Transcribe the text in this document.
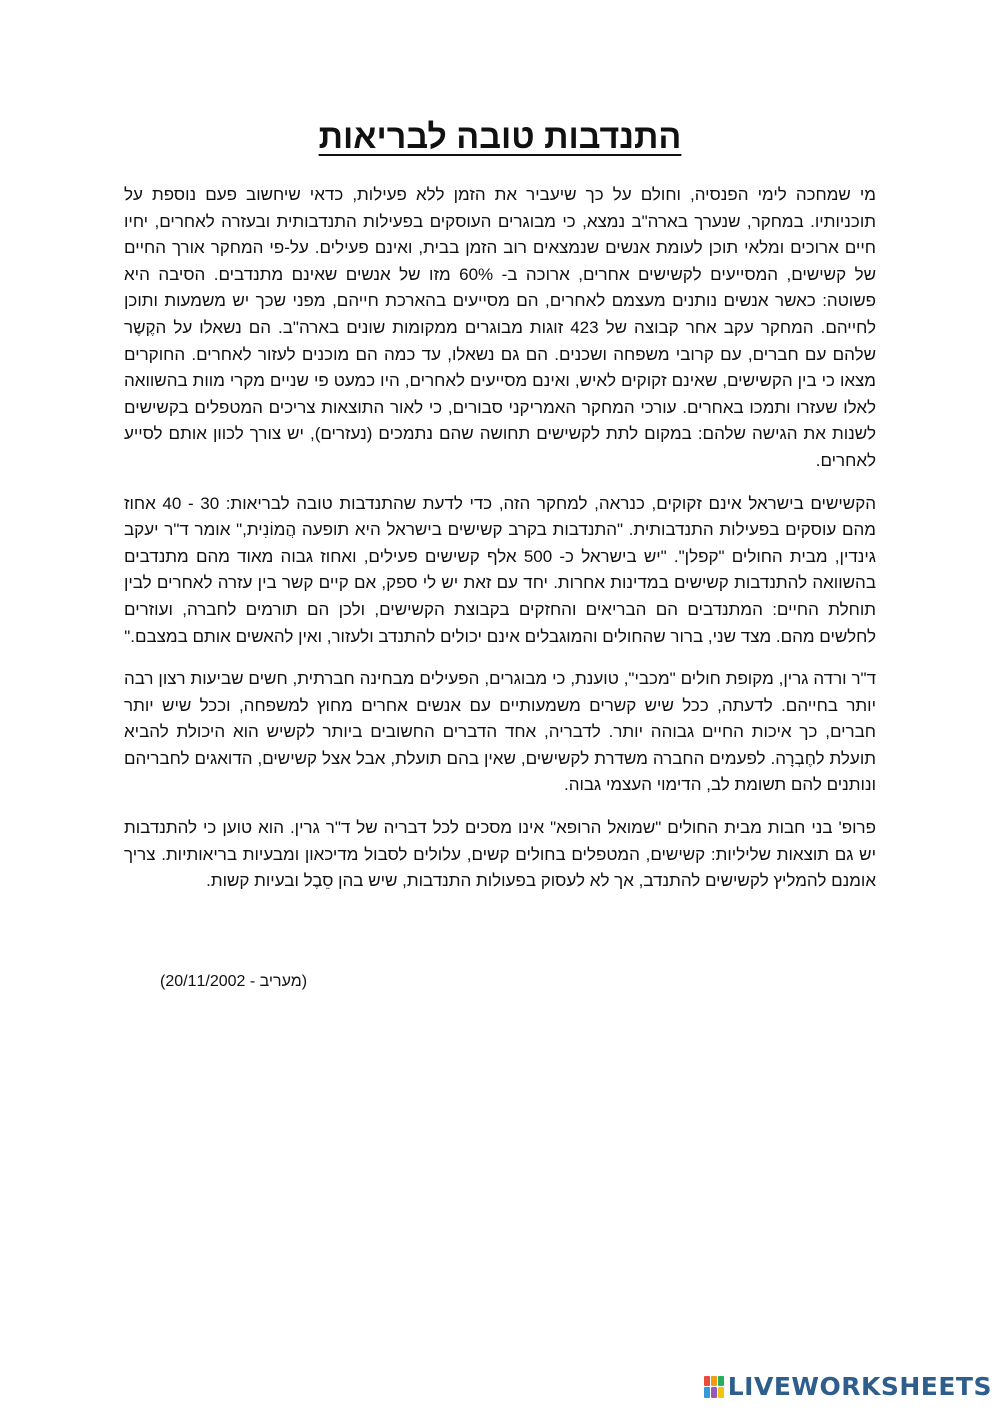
התנדבות טובה לבריאות

מי שמחכה לימי הפנסיה, וחולם על כך שיעביר את הזמן ללא פעילות, כדאי שיחשוב פעם נוספת על תוכניותיו. במחקר, שנערך בארה"ב נמצא, כי מבוגרים העוסקים בפעילות התנדבותית ובעזרה לאחרים, יחיו חיים ארוכים ומלאי תוכן לעומת אנשים שנמצאים רוב הזמן בבית, ואינם פעילים. על-פי המחקר אורך החיים של קשישים, המסייעים לקשישים אחרים, ארוכה ב- 60% מזו של אנשים שאינם מתנדבים. הסיבה היא פשוטה: כאשר אנשים נותנים מעצמם לאחרים, הם מסייעים בהארכת חייהם, מפני שכך יש משמעות ותוכן לחייהם. המחקר עקב אחר קבוצה של 423 זוגות מבוגרים ממקומות שונים בארה"ב. הם נשאלו על הקֶשֶר שלהם עם חברים, עם קרובי משפחה ושכנים. הם גם נשאלו, עד כמה הם מוכנים לעזור לאחרים. החוקרים מצאו כי בין הקשישים, שאינם זקוקים לאיש, ואינם מסייעים לאחרים, היו כמעט פי שניים מקרי מוות בהשוואה לאלו שעזרו ותמכו באחרים. עורכי המחקר האמריקני סבורים, כי לאור התוצאות צריכים המטפלים בקשישים לשנות את הגישה שלהם: במקום לתת לקשישים תחושה שהם נתמכים (נעזרים), יש צורך לכוון אותם לסייע לאחרים.

הקשישים בישראל אינם זקוקים, כנראה, למחקר הזה, כדי לדעת שהתנדבות טובה לבריאות: 30 - 40 אחוז מהם עוסקים בפעילות התנדבותית. "התנדבות בקרב קשישים בישראל היא תופעה הֲמוֹנִית," אומר ד"ר יעקב גינדין, מבית החולים "קפלן". "יש בישראל כ- 500 אלף קשישים פעילים, ואחוז גבוה מאוד מהם מתנדבים בהשוואה להתנדבות קשישים במדינות אחרות. יחד עם זאת יש לי ספק, אם קיים קשר בין עזרה לאחרים לבין תוחלת החיים: המתנדבים הם הבריאים והחזקים בקבוצת הקשישים, ולכן הם תורמים לחברה, ועוזרים לחלשים מהם. מצד שני, ברור שהחולים והמוגבלים אינם יכולים להתנדב ולעזור, ואין להאשים אותם במצבם."

ד"ר ורדה גרין, מקופת חולים "מכבי", טוענת, כי מבוגרים, הפעילים מבחינה חברתית, חשים שביעות רצון רבה יותר בחייהם. לדעתה, ככל שיש קשרים משמעותיים עם אנשים אחרים מחוץ למשפחה, וככל שיש יותר חברים, כך איכות החיים גבוהה יותר. לדבריה, אחד הדברים החשובים ביותר לקשיש הוא היכולת להביא תועלת לחֶבְרָה. לפעמים החברה משדרת לקשישים, שאין בהם תועלת, אבל אצל קשישים, הדואגים לחבריהם ונותנים להם תשומת לב, הדימוי העצמי גבוה.

פרופ' בני חבות מבית החולים "שמואל הרופא" אינו מסכים לכל דבריה של ד"ר גרין. הוא טוען כי להתנדבות יש גם תוצאות שליליות: קשישים, המטפלים בחולים קשים, עלולים לסבול מדיכאון ומבעיות בריאותיות. צריך אומנם להמליץ לקשישים להתנדב, אך לא לעסוק בפעולות התנדבות, שיש בהן סֵבֶל ובעיות קשות.

(מעריב - 20/11/2002)
LIVEWORKSHEETS
